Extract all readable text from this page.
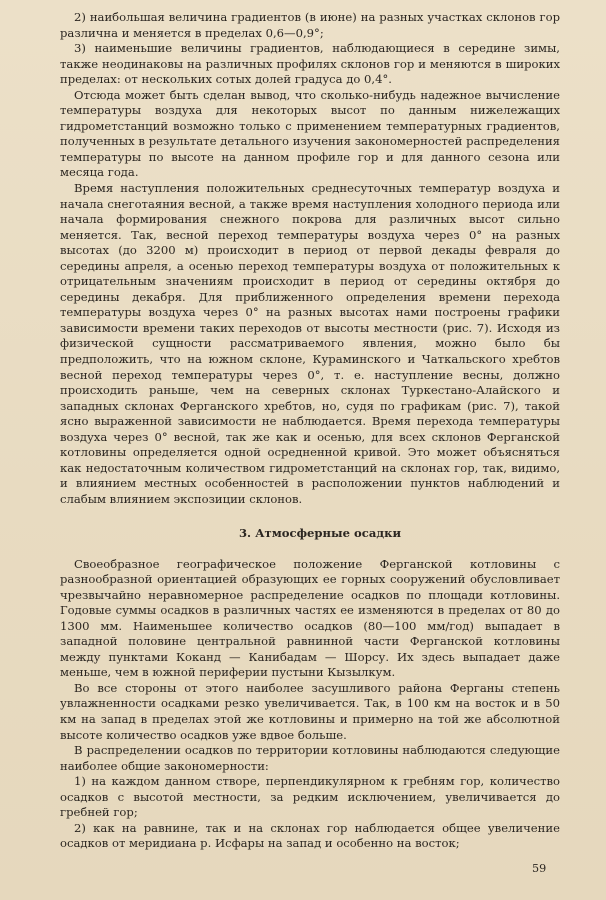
2) наибольшая величина градиентов (в июне) на разных участках склонов гор различна и меняется в пределах 0,6—0,9°;

3) наименьшие величины градиентов, наблюдающиеся в середине зимы, также неодинаковы на различных профилях склонов гор и меняются в широких пределах: от нескольких сотых долей градуса до 0,4°.

Отсюда может быть сделан вывод, что сколько-нибудь надежное вычисление температуры воздуха для некоторых высот по данным нижележащих гидрометстанций возможно только с применением температурных градиентов, полученных в результате детального изучения закономерностей распределения температуры по высоте на данном профиле гор и для данного сезона или месяца года.

Время наступления положительных среднесуточных температур воздуха и начала снеготаяния весной, а также время наступления холодного периода или начала формирования снежного покрова для различных высот сильно меняется. Так, весной переход температуры воздуха через 0° на разных высотах (до 3200 м) происходит в период от первой декады февраля до середины апреля, а осенью переход температуры воздуха от положительных к отрицательным значениям происходит в период от середины октября до середины декабря. Для приближенного определения времени перехода температуры воздуха через 0° на разных высотах нами построены графики зависимости времени таких переходов от высоты местности (рис. 7). Исходя из физической сущности рассматриваемого явления, можно было бы предположить, что на южном склоне, Кураминского и Чаткальского хребтов весной переход температуры через 0°, т. е. наступление весны, должно происходить раньше, чем на северных склонах Туркестано-Алайского и западных склонах Ферганского хребтов, но, судя по графикам (рис. 7), такой ясно выраженной зависимости не наблюдается. Время перехода температуры воздуха через 0° весной, так же как и осенью, для всех склонов Ферганской котловины определяется одной осредненной кривой. Это может объясняться как недостаточным количеством гидрометстанций на склонах гор, так, видимо, и влиянием местных особенностей в расположении пунктов наблюдений и слабым влиянием экспозиции склонов.

3. Атмосферные осадки

Своеобразное географическое положение Ферганской котловины с разнообразной ориентацией образующих ее горных сооружений обусловливает чрезвычайно неравномерное распределение осадков по площади котловины. Годовые суммы осадков в различных частях ее изменяются в пределах от 80 до 1300 мм. Наименьшее количество осадков (80—100 мм/год) выпадает в западной половине центральной равнинной части Ферганской котловины между пунктами Коканд — Канибадам — Шорсу. Их здесь выпадает даже меньше, чем в южной периферии пустыни Кызылкум.

Во все стороны от этого наиболее засушливого района Ферганы степень увлажненности осадками резко увеличивается. Так, в 100 км на восток и в 50 км на запад в пределах этой же котловины и примерно на той же абсолютной высоте количество осадков уже вдвое больше.

В распределении осадков по территории котловины наблюдаются следующие наиболее общие закономерности:

1) на каждом данном створе, перпендикулярном к гребням гор, количество осадков с высотой местности, за редким исключением, увеличивается до гребней гор;

2) как на равнине, так и на склонах гор наблюдается общее увеличение осадков от меридиана р. Исфары на запад и особенно на восток;

59
